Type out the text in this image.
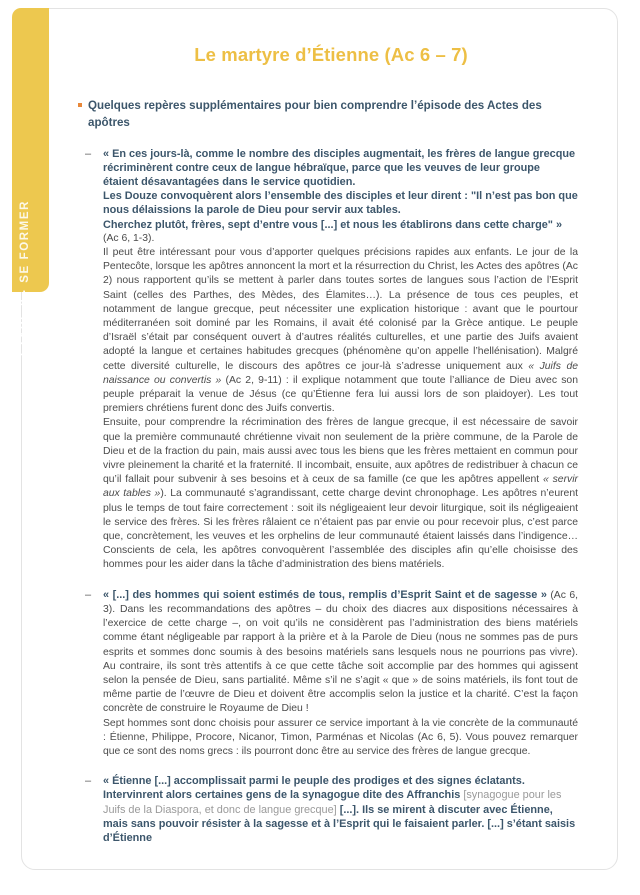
ÉTAPE 2 · SE FORMER
Le martyre d’Étienne (Ac 6 – 7)
Quelques repères supplémentaires pour bien comprendre l’épisode des Actes des apôtres
– « En ces jours-là, comme le nombre des disciples augmentait, les frères de langue grecque récriminèrent contre ceux de langue hébraïque, parce que les veuves de leur groupe étaient désavantagées dans le service quotidien.

Les Douze convoquèrent alors l’ensemble des disciples et leur dirent : "Il n’est pas bon que nous délaissions la parole de Dieu pour servir aux tables.

Cherchez plutôt, frères, sept d’entre vous [...] et nous les établirons dans cette charge" »

(Ac 6, 1-3).

Il peut être intéressant pour vous d’apporter quelques précisions rapides aux enfants. Le jour de la Pentecôte, lorsque les apôtres annoncent la mort et la résurrection du Christ, les Actes des apôtres (Ac 2) nous rapportent qu’ils se mettent à parler dans toutes sortes de langues sous l’action de l’Esprit Saint (celles des Parthes, des Mèdes, des Élamites…). La présence de tous ces peuples, et notamment de langue grecque, peut nécessiter une explication historique : avant que le pourtour méditerranéen soit dominé par les Romains, il avait été colonisé par la Grèce antique. Le peuple d’Israël s’était par conséquent ouvert à d’autres réalités culturelles, et une partie des Juifs avaient adopté la langue et certaines habitudes grecques (phénomène qu’on appelle l’hellénisation). Malgré cette diversité culturelle, le discours des apôtres ce jour-là s’adresse uniquement aux « Juifs de naissance ou convertis » (Ac 2, 9-11) : il explique notamment que toute l’alliance de Dieu avec son peuple préparait la venue de Jésus (ce qu’Étienne fera lui aussi lors de son plaidoyer). Les tout premiers chrétiens furent donc des Juifs convertis.

Ensuite, pour comprendre la récrimination des frères de langue grecque, il est nécessaire de savoir que la première communauté chrétienne vivait non seulement de la prière commune, de la Parole de Dieu et de la fraction du pain, mais aussi avec tous les biens que les frères mettaient en commun pour vivre pleinement la charité et la fraternité. Il incombait, ensuite, aux apôtres de redistribuer à chacun ce qu’il fallait pour subvenir à ses besoins et à ceux de sa famille (ce que les apôtres appellent « servir aux tables »). La communauté s’agrandissant, cette charge devint chronophage. Les apôtres n’eurent plus le temps de tout faire correctement : soit ils négligeaient leur devoir liturgique, soit ils négligeaient le service des frères. Si les frères râlaient ce n’étaient pas par envie ou pour recevoir plus, c’est parce que, concrètement, les veuves et les orphelins de leur communauté étaient laissés dans l’indigence… Conscients de cela, les apôtres convoquèrent l’assemblée des disciples afin qu’elle choisisse des hommes pour les aider dans la tâche d’administration des biens matériels.

– « [...] des hommes qui soient estimés de tous, remplis d’Esprit Saint et de sagesse » (Ac 6, 3). Dans les recommandations des apôtres – du choix des diacres aux dispositions nécessaires à l’exercice de cette charge –, on voit qu’ils ne considèrent pas l’administration des biens matériels comme étant négligeable par rapport à la prière et à la Parole de Dieu (nous ne sommes pas de purs esprits et sommes donc soumis à des besoins matériels sans lesquels nous ne pourrions pas vivre). Au contraire, ils sont très attentifs à ce que cette tâche soit accomplie par des hommes qui agissent selon la pensée de Dieu, sans partialité. Même s’il ne s’agit « que » de soins matériels, ils font tout de même partie de l’œuvre de Dieu et doivent être accomplis selon la justice et la charité. C’est la façon concrète de construire le Royaume de Dieu !

Sept hommes sont donc choisis pour assurer ce service important à la vie concrète de la communauté : Étienne, Philippe, Procore, Nicanor, Timon, Parménas et Nicolas (Ac 6, 5). Vous pouvez remarquer que ce sont des noms grecs : ils pourront donc être au service des frères de langue grecque.

– « Étienne [...] accomplissait parmi le peuple des prodiges et des signes éclatants. Intervinrent alors certaines gens de la synagogue dite des Affranchis [synagogue pour les Juifs de la Diaspora, et donc de langue grecque] [...]. Ils se mirent à discuter avec Étienne, mais sans pouvoir résister à la sagesse et à l’Esprit qui le faisaient parler. [...] s’étant saisis d’Étienne
